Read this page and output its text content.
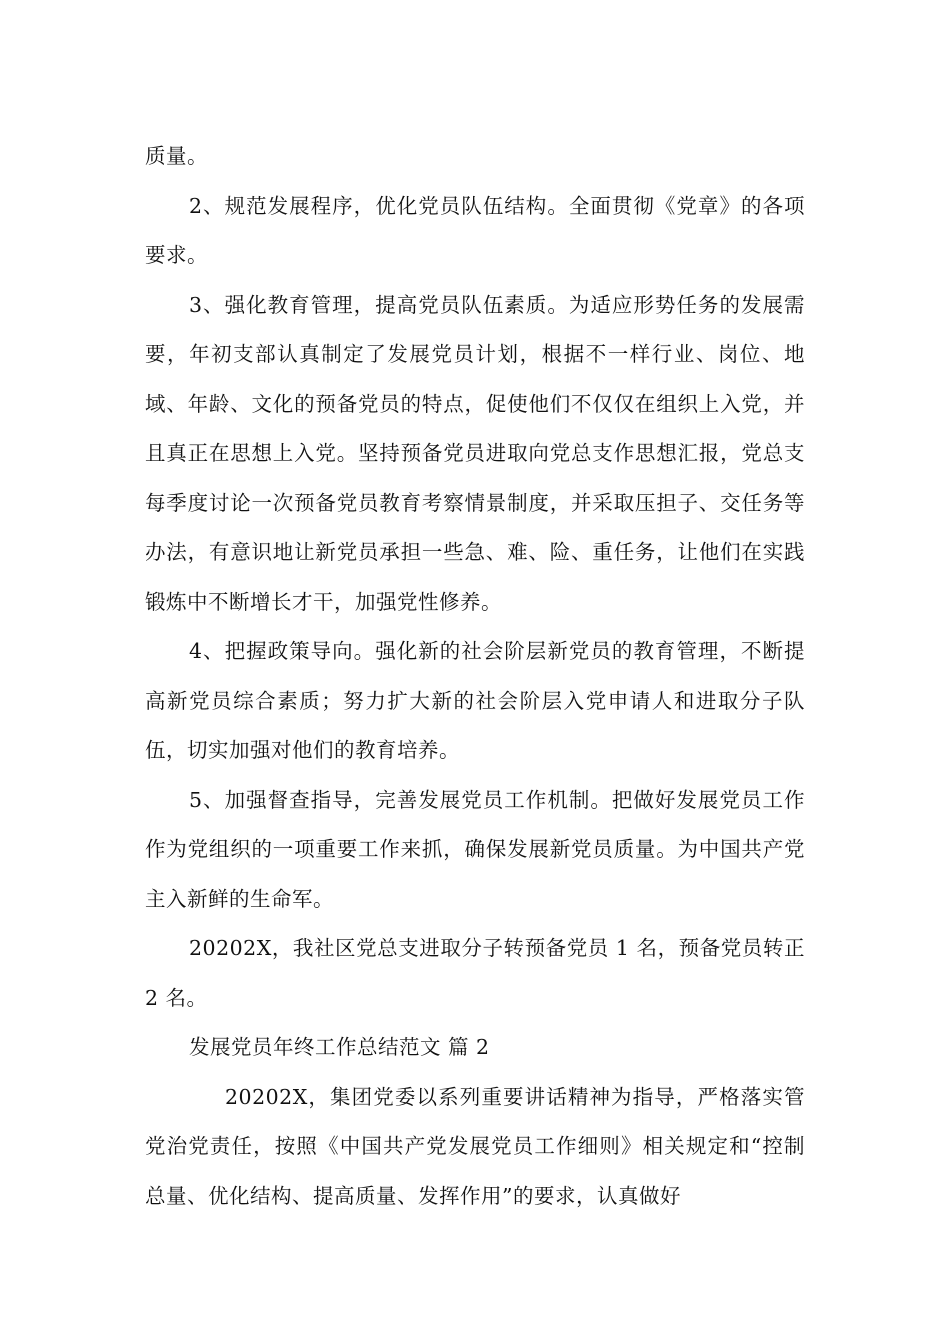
质量。

2、规范发展程序，优化党员队伍结构。全面贯彻《党章》的各项要求。

3、强化教育管理，提高党员队伍素质。为适应形势任务的发展需要，年初支部认真制定了发展党员计划，根据不一样行业、岗位、地域、年龄、文化的预备党员的特点，促使他们不仅仅在组织上入党，并且真正在思想上入党。坚持预备党员进取向党总支作思想汇报，党总支每季度讨论一次预备党员教育考察情景制度，并采取压担子、交任务等办法，有意识地让新党员承担一些急、难、险、重任务，让他们在实践锻炼中不断增长才干，加强党性修养。

4、把握政策导向。强化新的社会阶层新党员的教育管理，不断提高新党员综合素质；努力扩大新的社会阶层入党申请人和进取分子队伍，切实加强对他们的教育培养。

5、加强督查指导，完善发展党员工作机制。把做好发展党员工作作为党组织的一项重要工作来抓，确保发展新党员质量。为中国共产党主入新鲜的生命军。

20202X，我社区党总支进取分子转预备党员 1 名，预备党员转正 2 名。

发展党员年终工作总结范文 篇 2

20202X，集团党委以系列重要讲话精神为指导，严格落实管党治党责任，按照《中国共产党发展党员工作细则》相关规定和“控制总量、优化结构、提高质量、发挥作用”的要求，认真做好
